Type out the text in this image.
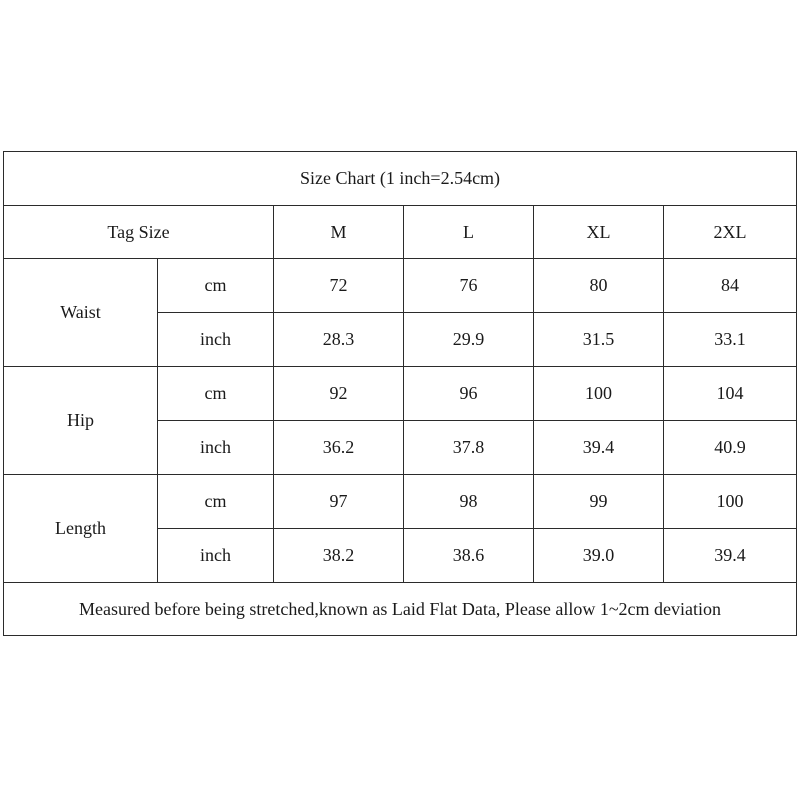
Size Chart (1 inch=2.54cm)					
Tag Size		M	L	XL	2XL
Waist	cm	72	76	80	84
	inch	28.3	29.9	31.5	33.1
Hip	cm	92	96	100	104
	inch	36.2	37.8	39.4	40.9
Length	cm	97	98	99	100
	inch	38.2	38.6	39.0	39.4
Measured before being stretched,known as Laid Flat Data, Please allow 1~2cm deviation					
